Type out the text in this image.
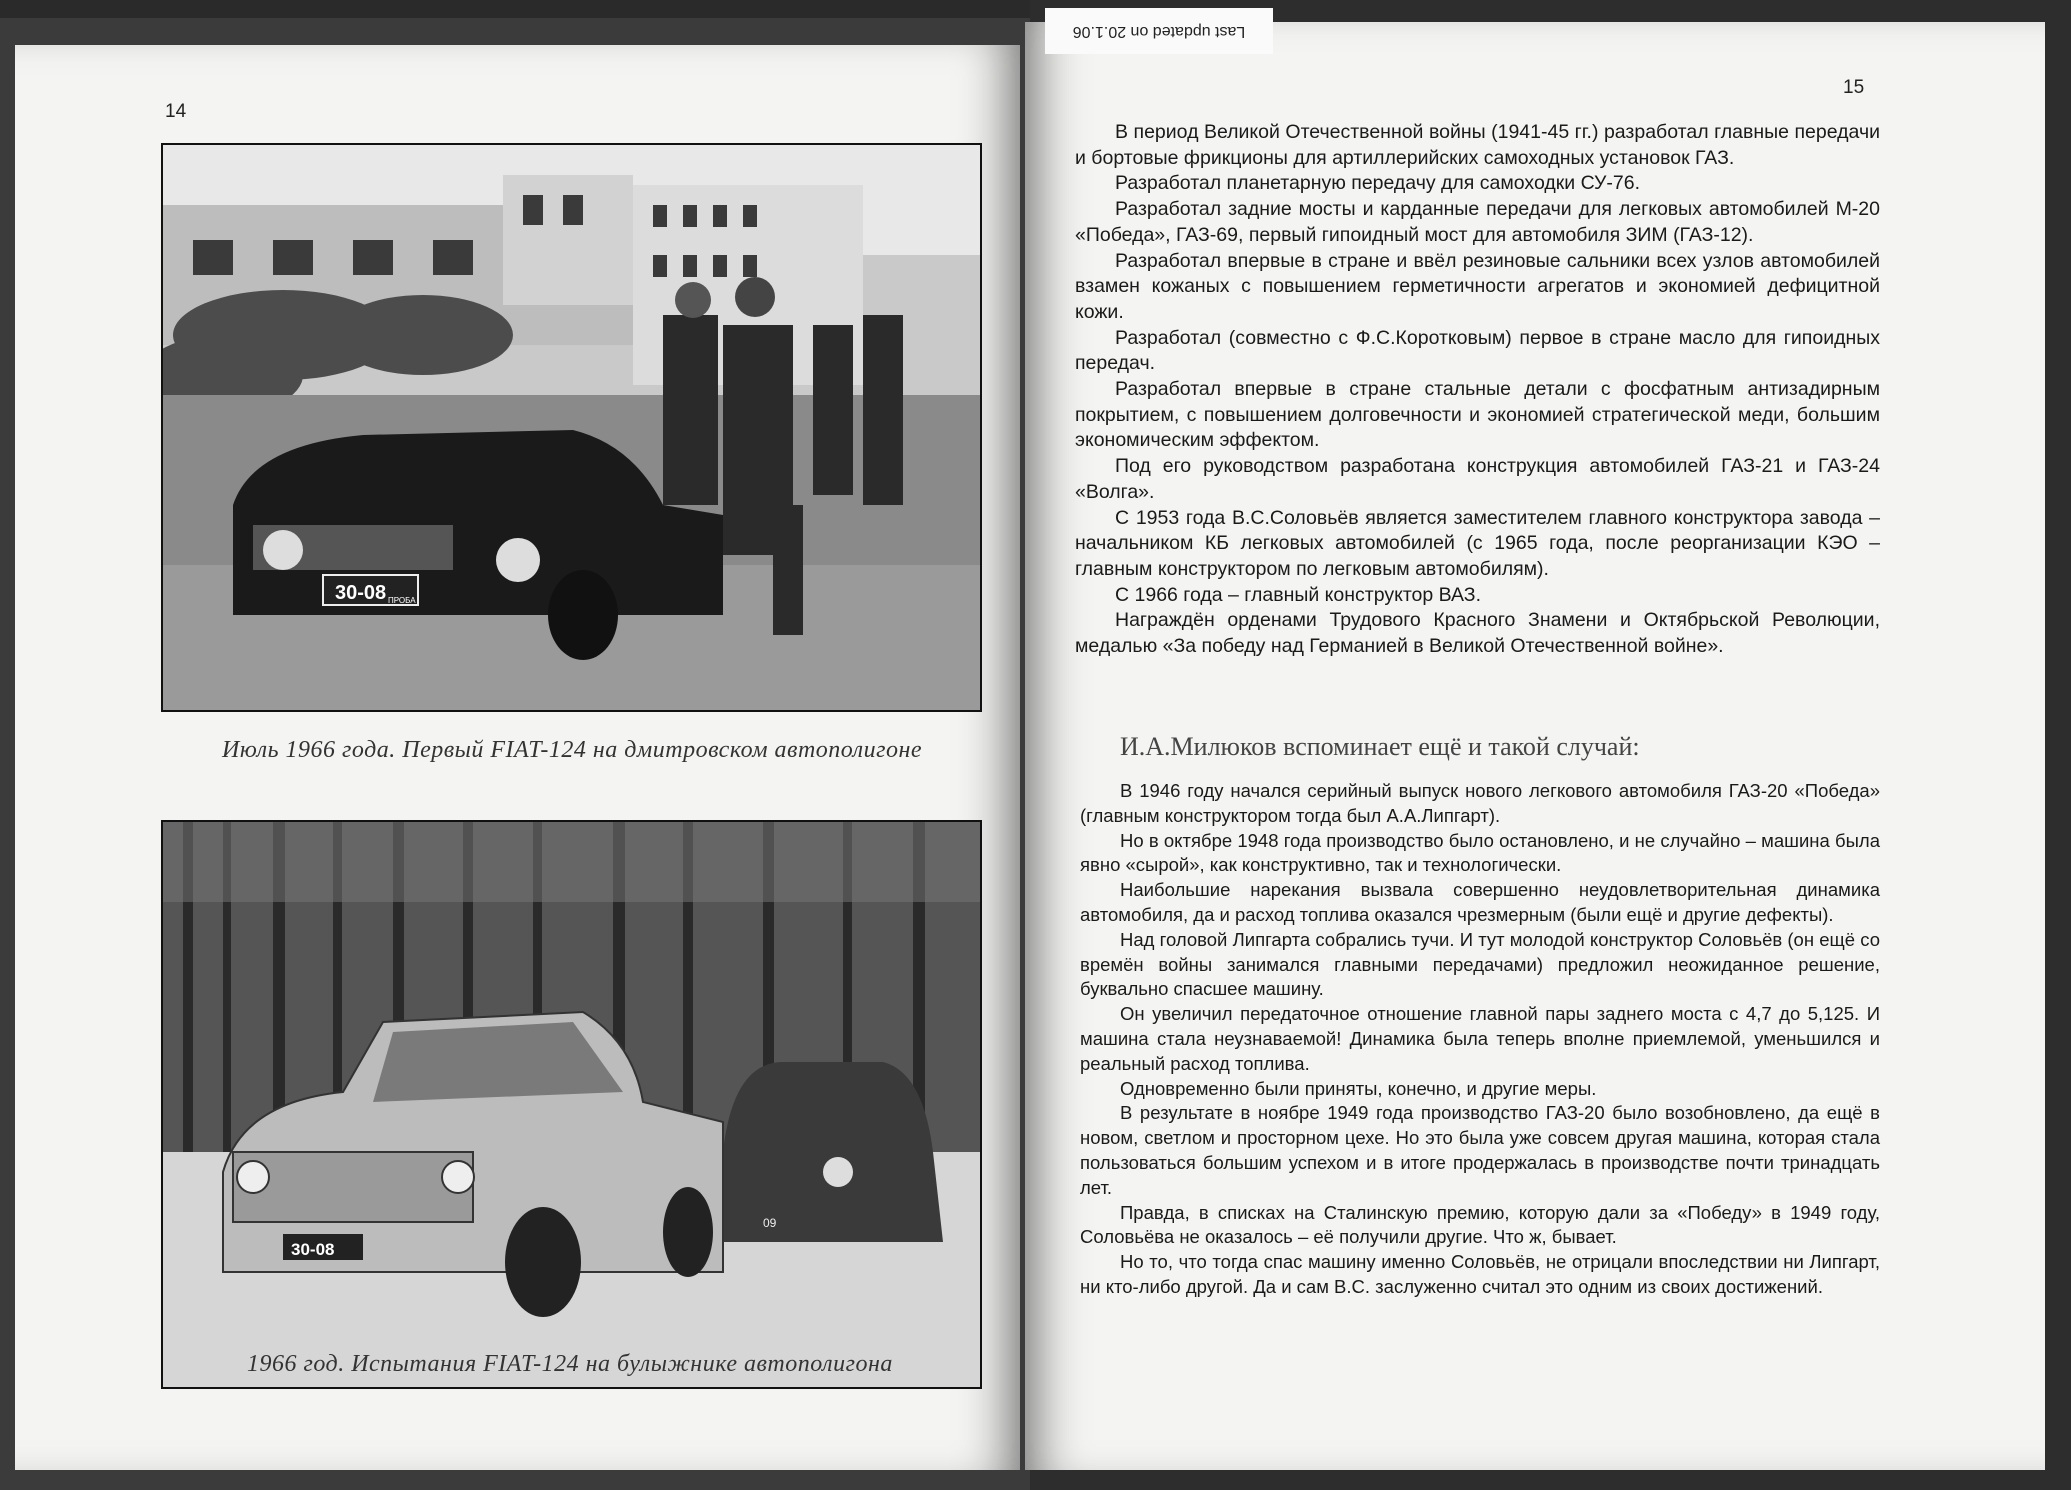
14
30-08 ПРОБА
Июль 1966 года. Первый FIAT-124 на дмитровском автополигоне
09
30-08
1966 год. Испытания FIAT-124 на булыжнике автополигона
15

В период Великой Отечественной войны (1941-45 гг.) разработал главные передачи и бортовые фрикционы для артиллерийских самоходных установок ГАЗ.

Разработал планетарную передачу для самоходки СУ-76.

Разработал задние мосты и карданные передачи для легковых автомобилей М-20 «Победа», ГАЗ-69, первый гипоидный мост для автомобиля ЗИМ (ГАЗ-12).

Разработал впервые в стране и ввёл резиновые сальники всех узлов автомобилей взамен кожаных с повышением герметичности агрегатов и экономией дефицитной кожи.

Разработал (совместно с Ф.С.Коротковым) первое в стране масло для гипоидных передач.

Разработал впервые в стране стальные детали с фосфатным антизадирным покрытием, с повышением долговечности и экономией стратегической меди, большим экономическим эффектом.

Под его руководством разработана конструкция автомобилей ГАЗ-21 и ГАЗ-24 «Волга».

С 1953 года В.С.Соловьёв является заместителем главного конструктора завода – начальником КБ легковых автомобилей (с 1965 года, после реорганизации КЭО – главным конструктором по легковым автомобилям).

С 1966 года – главный конструктор ВАЗ.

Награждён орденами Трудового Красного Знамени и Октябрьской Революции, медалью «За победу над Германией в Великой Отечественной войне».

И.А.Милюков вспоминает ещё и такой случай:

В 1946 году начался серийный выпуск нового легкового автомобиля ГАЗ-20 «Победа» (главным конструктором тогда был А.А.Липгарт).

Но в октябре 1948 года производство было остановлено, и не случайно – машина была явно «сырой», как конструктивно, так и технологически.

Наибольшие нарекания вызвала совершенно неудовлетворительная динамика автомобиля, да и расход топлива оказался чрезмерным (были ещё и другие дефекты).

Над головой Липгарта собрались тучи. И тут молодой конструктор Соловьёв (он ещё со времён войны занимался главными передачами) предложил неожиданное решение, буквально спасшее машину.

Он увеличил передаточное отношение главной пары заднего моста с 4,7 до 5,125. И машина стала неузнаваемой! Динамика была теперь вполне приемлемой, уменьшился и реальный расход топлива.

Одновременно были приняты, конечно, и другие меры.

В результате в ноябре 1949 года производство ГАЗ-20 было возобновлено, да ещё в новом, светлом и просторном цехе. Но это была уже совсем другая машина, которая стала пользоваться большим успехом и в итоге продержалась в производстве почти тринадцать лет.

Правда, в списках на Сталинскую премию, которую дали за «Победу» в 1949 году, Соловьёва не оказалось – её получили другие. Что ж, бывает.

Но то, что тогда спас машину именно Соловьёв, не отрицали впоследствии ни Липгарт, ни кто-либо другой. Да и сам В.С. заслуженно считал это одним из своих достижений.

Last updated on 20.1.06
